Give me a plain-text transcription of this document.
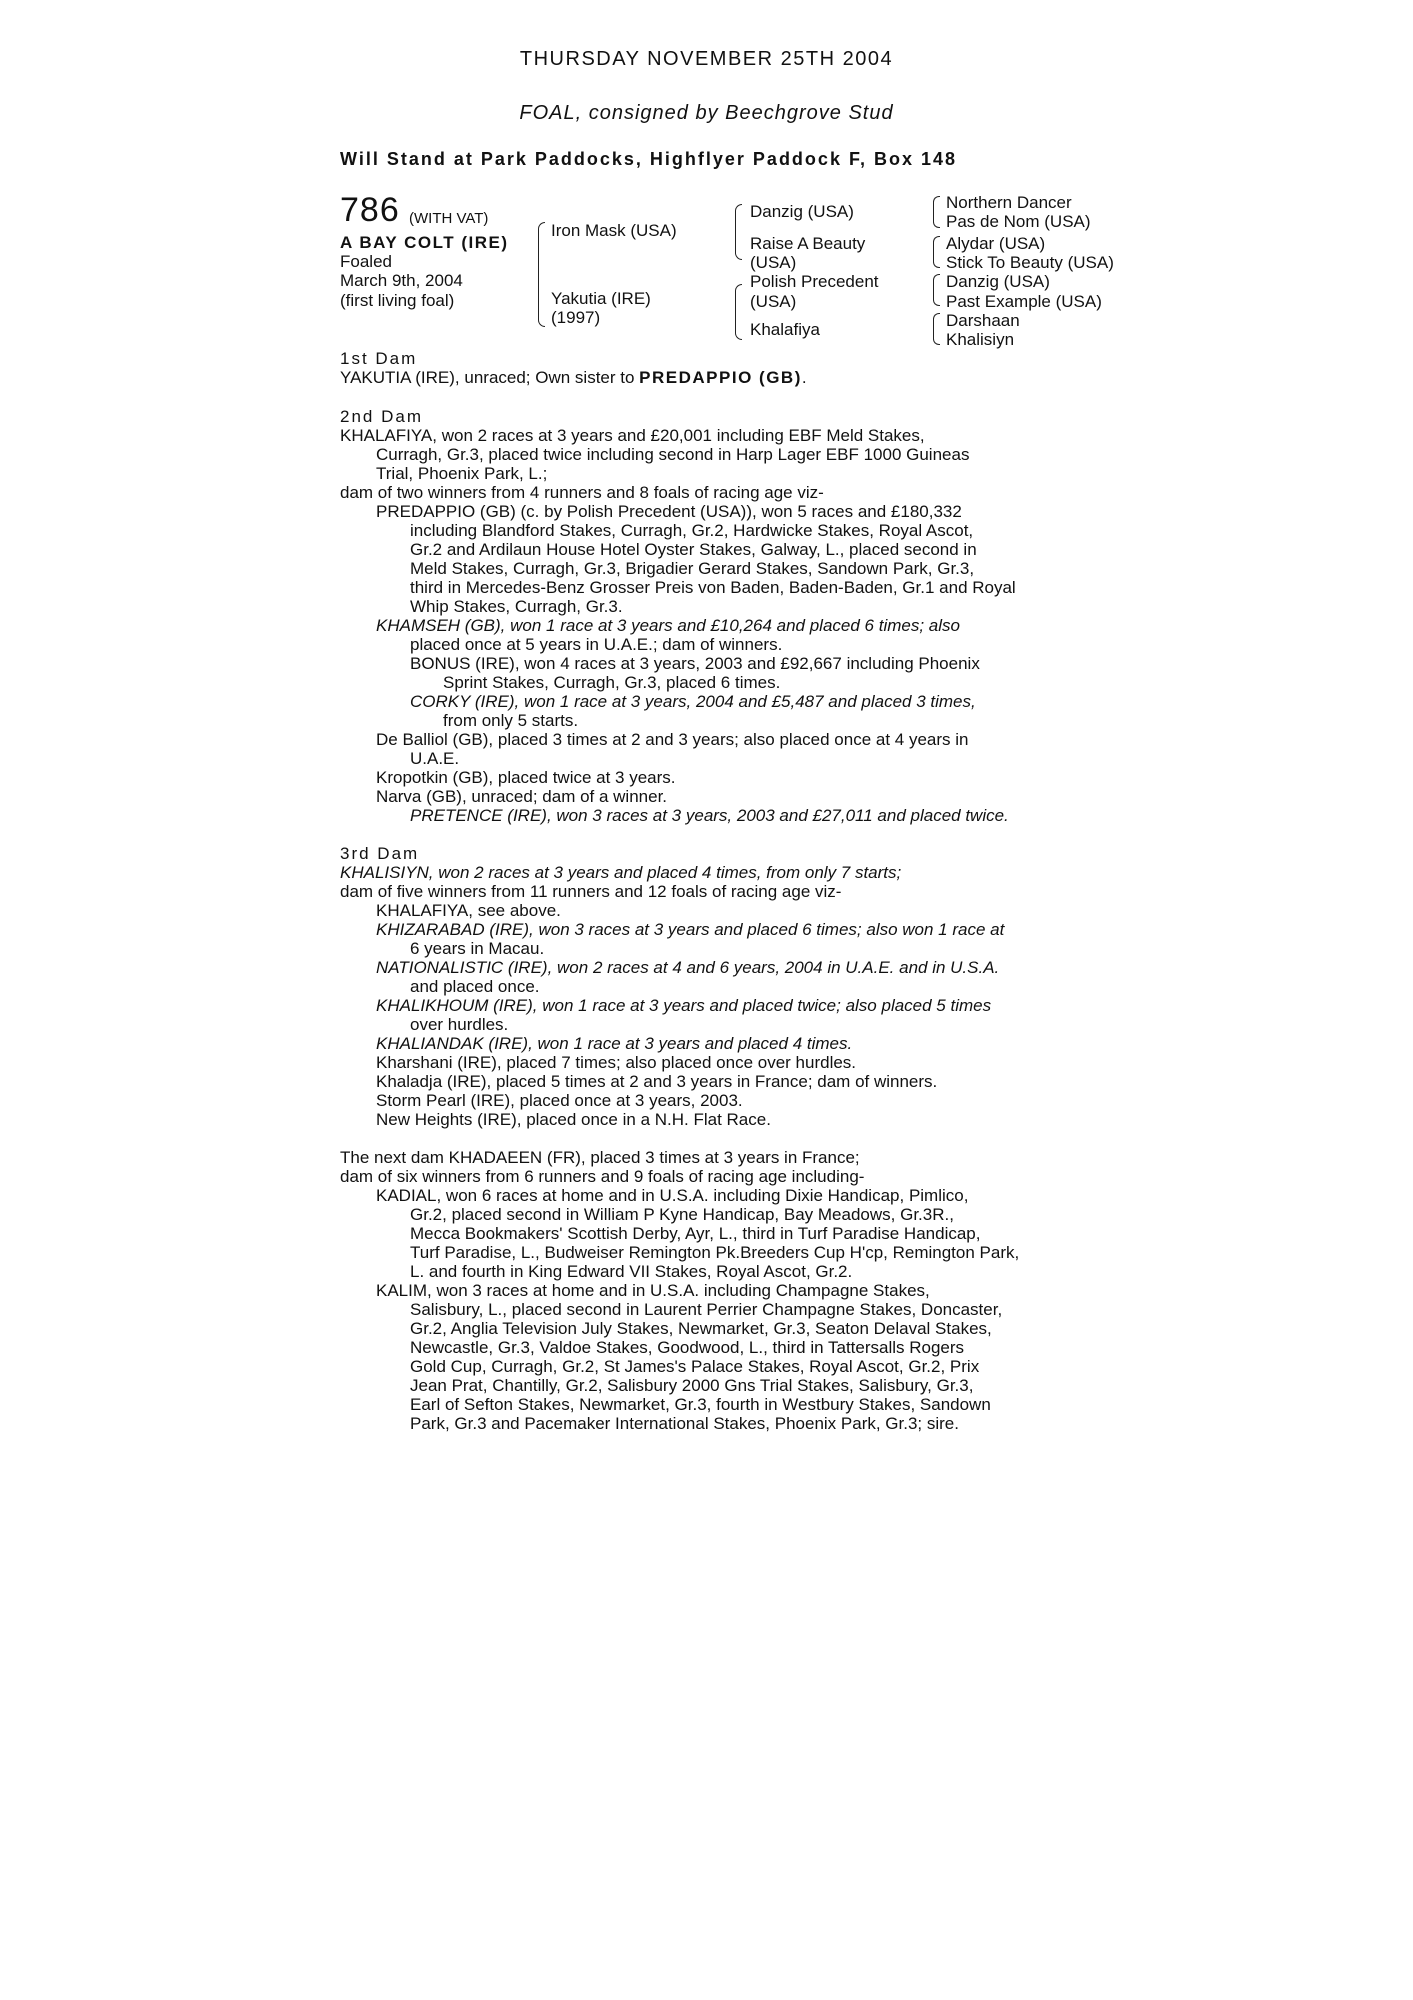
THURSDAY NOVEMBER 25TH 2004
FOAL, consigned by Beechgrove Stud
Will Stand at Park Paddocks, Highflyer Paddock F, Box 148
786 (WITH VAT)
A BAY COLT (IRE)
Foaled
March 9th, 2004
(first living foal)
Iron Mask (USA)
Yakutia (IRE)
(1997)
Danzig (USA)
Raise A Beauty
(USA)
Polish Precedent
(USA)
Khalafiya
Northern Dancer
Pas de Nom (USA)
Alydar (USA)
Stick To Beauty (USA)
Danzig (USA)
Past Example (USA)
Darshaan
Khalisiyn
1st Dam
YAKUTIA (IRE), unraced; Own sister to PREDAPPIO (GB).
2nd Dam
KHALAFIYA, won 2 races at 3 years and £20,001 including EBF Meld Stakes,
Curragh, Gr.3, placed twice including second in Harp Lager EBF 1000 Guineas
Trial, Phoenix Park, L.;
dam of two winners from 4 runners and 8 foals of racing age viz-
PREDAPPIO (GB) (c. by Polish Precedent (USA)), won 5 races and £180,332
including Blandford Stakes, Curragh, Gr.2, Hardwicke Stakes, Royal Ascot,
Gr.2 and Ardilaun House Hotel Oyster Stakes, Galway, L., placed second in
Meld Stakes, Curragh, Gr.3, Brigadier Gerard Stakes, Sandown Park, Gr.3,
third in Mercedes-Benz Grosser Preis von Baden, Baden-Baden, Gr.1 and Royal
Whip Stakes, Curragh, Gr.3.
KHAMSEH (GB), won 1 race at 3 years and £10,264 and placed 6 times; also
placed once at 5 years in U.A.E.; dam of winners.
BONUS (IRE), won 4 races at 3 years, 2003 and £92,667 including Phoenix
Sprint Stakes, Curragh, Gr.3, placed 6 times.
CORKY (IRE), won 1 race at 3 years, 2004 and £5,487 and placed 3 times,
from only 5 starts.
De Balliol (GB), placed 3 times at 2 and 3 years; also placed once at 4 years in
U.A.E.
Kropotkin (GB), placed twice at 3 years.
Narva (GB), unraced; dam of a winner.
PRETENCE (IRE), won 3 races at 3 years, 2003 and £27,011 and placed twice.
3rd Dam
KHALISIYN, won 2 races at 3 years and placed 4 times, from only 7 starts;
dam of five winners from 11 runners and 12 foals of racing age viz-
KHALAFIYA, see above.
KHIZARABAD (IRE), won 3 races at 3 years and placed 6 times; also won 1 race at
6 years in Macau.
NATIONALISTIC (IRE), won 2 races at 4 and 6 years, 2004 in U.A.E. and in U.S.A.
and placed once.
KHALIKHOUM (IRE), won 1 race at 3 years and placed twice; also placed 5 times
over hurdles.
KHALIANDAK (IRE), won 1 race at 3 years and placed 4 times.
Kharshani (IRE), placed 7 times; also placed once over hurdles.
Khaladja (IRE), placed 5 times at 2 and 3 years in France; dam of winners.
Storm Pearl (IRE), placed once at 3 years, 2003.
New Heights (IRE), placed once in a N.H. Flat Race.
The next dam KHADAEEN (FR), placed 3 times at 3 years in France;
dam of six winners from 6 runners and 9 foals of racing age including-
KADIAL, won 6 races at home and in U.S.A. including Dixie Handicap, Pimlico,
Gr.2, placed second in William P Kyne Handicap, Bay Meadows, Gr.3R.,
Mecca Bookmakers' Scottish Derby, Ayr, L., third in Turf Paradise Handicap,
Turf Paradise, L., Budweiser Remington Pk.Breeders Cup H'cp, Remington Park,
L. and fourth in King Edward VII Stakes, Royal Ascot, Gr.2.
KALIM, won 3 races at home and in U.S.A. including Champagne Stakes,
Salisbury, L., placed second in Laurent Perrier Champagne Stakes, Doncaster,
Gr.2, Anglia Television July Stakes, Newmarket, Gr.3, Seaton Delaval Stakes,
Newcastle, Gr.3, Valdoe Stakes, Goodwood, L., third in Tattersalls Rogers
Gold Cup, Curragh, Gr.2, St James's Palace Stakes, Royal Ascot, Gr.2, Prix
Jean Prat, Chantilly, Gr.2, Salisbury 2000 Gns Trial Stakes, Salisbury, Gr.3,
Earl of Sefton Stakes, Newmarket, Gr.3, fourth in Westbury Stakes, Sandown
Park, Gr.3 and Pacemaker International Stakes, Phoenix Park, Gr.3; sire.
